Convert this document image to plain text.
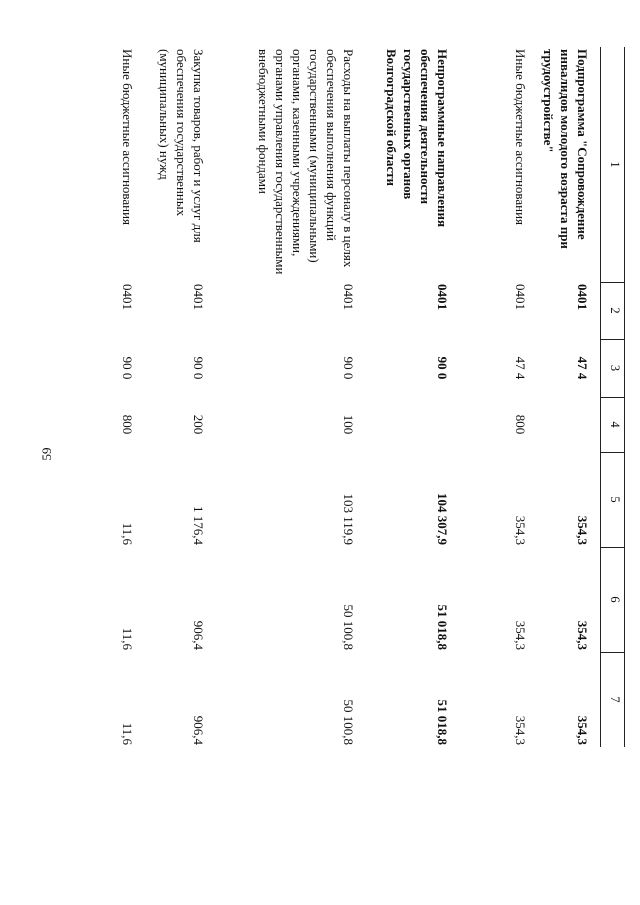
59
1
2
3
4
5
6
7
Подпрограмма "Сопровождение инвалидов молодого возраста при трудоустройстве"
0401
47 4
354,3
354,3
354,3
Иные бюджетные ассигнования
0401
47 4
800
354,3
354,3
354,3
Непрограммные направления обеспечения деятельности государственных органов Волгоградской области
0401
90 0
104 307,9
51 018,8
51 018,8
Расходы на выплаты персоналу в целях обеспечения выполнения функций государственными (муниципальными) органами, казенными учреждениями, органами управления государственными внебюджетными фондами
0401
90 0
100
103 119,9
50 100,8
50 100,8
Закупка товаров, работ и услуг для обеспечения государственных (муниципальных) нужд
0401
90 0
200
1 176,4
906,4
906,4
Иные бюджетные ассигнования
0401
90 0
800
11,6
11,6
11,6
